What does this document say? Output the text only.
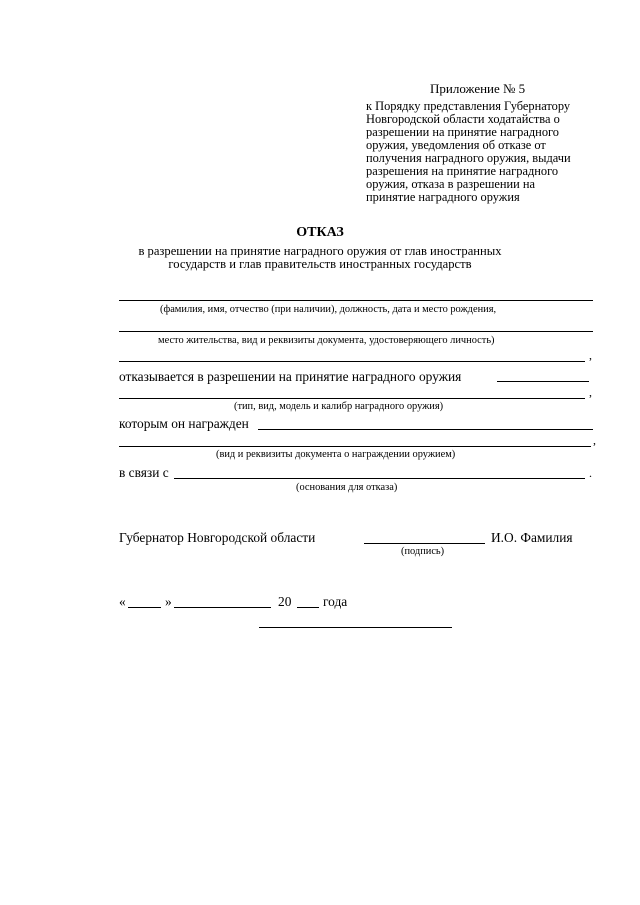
Приложение № 5
к Порядку представления Губернатору
Новгородской области ходатайства о
разрешении на принятие наградного
оружия, уведомления об отказе от
получения наградного оружия, выдачи
разрешения на принятие наградного
оружия, отказа в разрешении на
принятие наградного оружия
ОТКАЗ
в разрешении на принятие наградного оружия от глав иностранных
государств и глав правительств иностранных государств
(фамилия, имя, отчество (при наличии), должность, дата и место рождения,
место жительства, вид и реквизиты документа, удостоверяющего личность)
,
отказывается в разрешении на принятие наградного оружия
,
(тип, вид, модель и калибр наградного оружия)
которым он награжден
,
(вид и реквизиты документа о награждении оружием)
в связи с	.
(основания для отказа)
Губернатор Новгородской области	И.О. Фамилия
(подпись)
«	»	20 года
